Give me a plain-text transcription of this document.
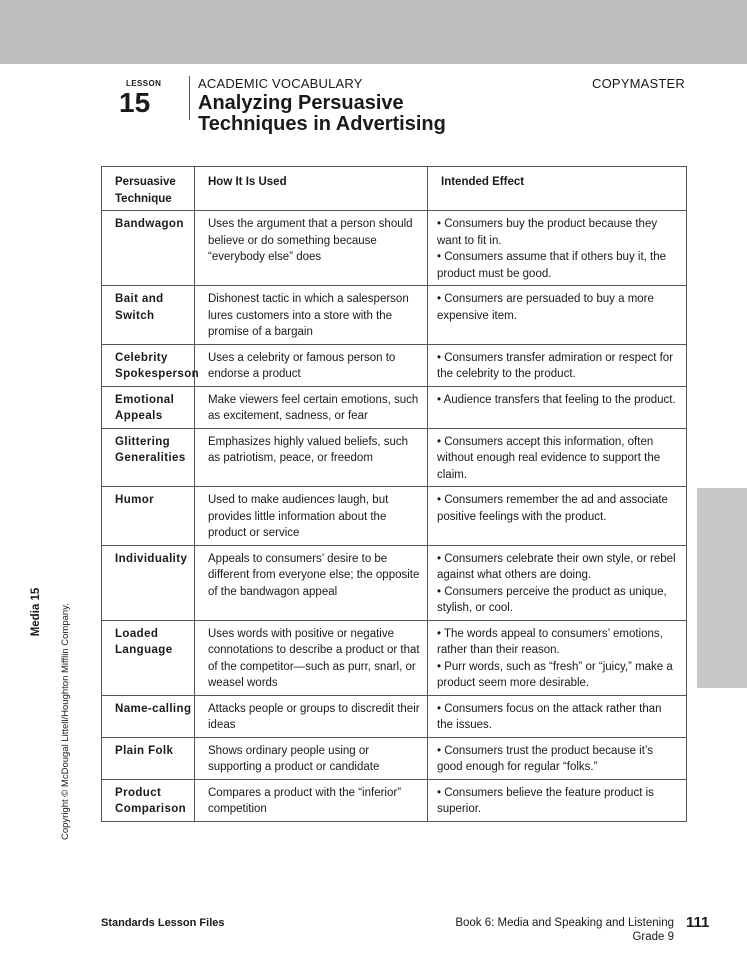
LESSON
15
ACADEMIC VOCABULARY	COPYMASTER
Analyzing Persuasive
Techniques in Advertising
Persuasive Technique	How It Is Used	Intended Effect
Bandwagon	Uses the argument that a person should believe or do something because “everybody else” does	• Consumers buy the product because they want to fit in.
• Consumers assume that if others buy it, the product must be good.

Bait and Switch	Dishonest tactic in which a salesperson lures customers into a store with the promise of a bargain	• Consumers are persuaded to buy a more expensive item.

Celebrity Spokesperson	Uses a celebrity or famous person to endorse a product	• Consumers transfer admiration or respect for the celebrity to the product.

Emotional Appeals	Make viewers feel certain emotions, such as excitement, sadness, or fear	• Audience transfers that feeling to the product.

Glittering Generalities	Emphasizes highly valued beliefs, such as patriotism, peace, or freedom	• Consumers accept this information, often without enough real evidence to support the claim.

Humor	Used to make audiences laugh, but provides little information about the product or service	• Consumers remember the ad and associate positive feelings with the product.

Individuality	Appeals to consumers’ desire to be different from everyone else; the opposite of the bandwagon appeal	• Consumers celebrate their own style, or rebel against what others are doing.
• Consumers perceive the product as unique, stylish, or cool.

Loaded Language	Uses words with positive or negative connotations to describe a product or that of the competitor—such as purr, snarl, or weasel words	• The words appeal to consumers’ emotions, rather than their reason.
• Purr words, such as “fresh” or “juicy,” make a product seem more desirable.

Name-calling	Attacks people or groups to discredit their ideas	• Consumers focus on the attack rather than the issues.

Plain Folk	Shows ordinary people using or supporting a product or candidate	• Consumers trust the product because it’s good enough for regular “folks.”

Product Comparison	Compares a product with the “inferior” competition	• Consumers believe the feature product is superior.
Copyright © McDougal Littell/Houghton Mifflin Company.
Media 15
Standards Lesson Files	Book 6: Media and Speaking and Listening
Grade 9
111
